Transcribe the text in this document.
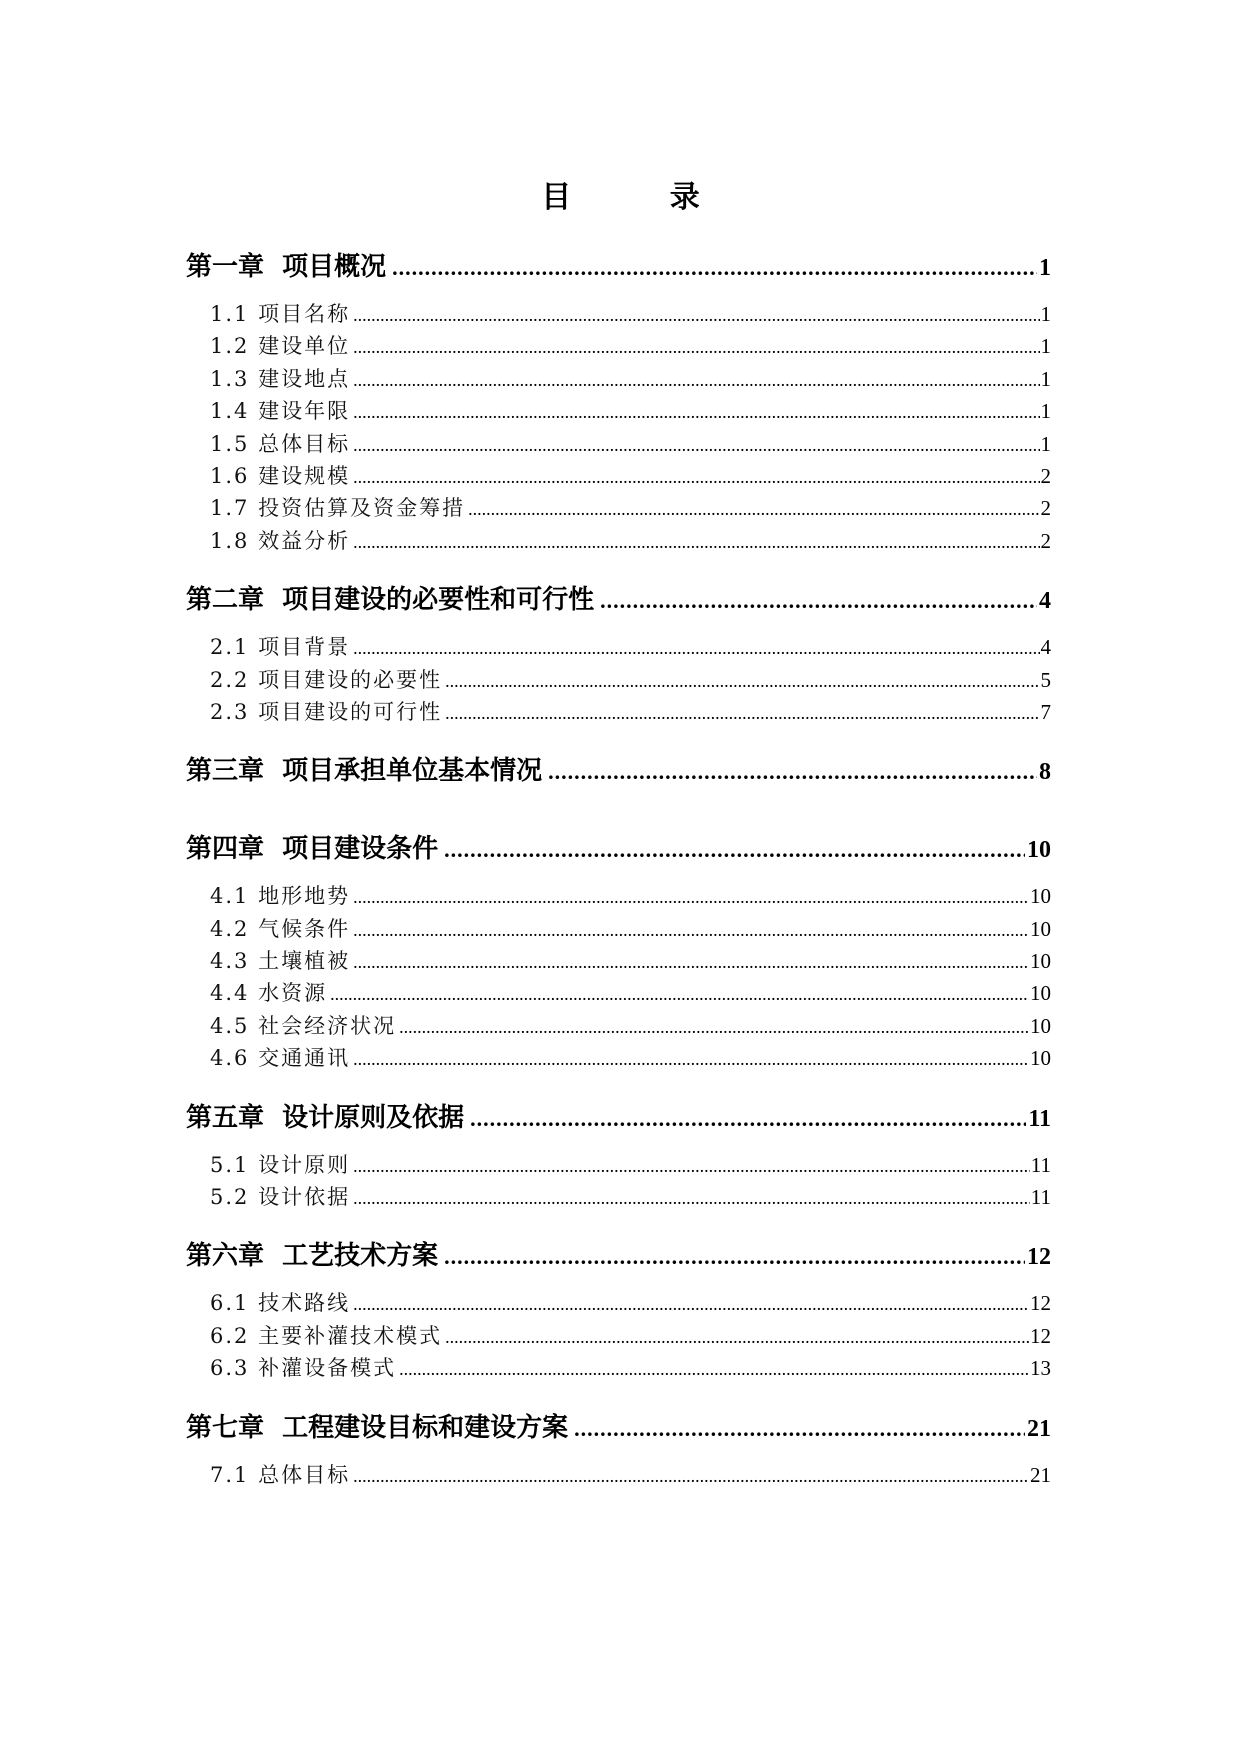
目 录
第一章  项目概况 .....	1
1.1 项目名称 .....	1
1.2 建设单位 .....	1
1.3 建设地点 .....	1
1.4 建设年限 .....	1
1.5 总体目标 .....	1
1.6 建设规模 .....	2
1.7 投资估算及资金筹措 .....	2
1.8 效益分析 .....	2
第二章  项目建设的必要性和可行性 .....	4
2.1 项目背景 .....	4
2.2 项目建设的必要性 .....	5
2.3 项目建设的可行性 .....	7
第三章  项目承担单位基本情况 .....	8
第四章  项目建设条件 .....	10
4.1 地形地势 .....	10
4.2 气候条件 .....	10
4.3 土壤植被 .....	10
4.4 水资源 .....	10
4.5 社会经济状况 .....	10
4.6 交通通讯 .....	10
第五章  设计原则及依据 .....	11
5.1 设计原则 .....	11
5.2 设计依据 .....	11
第六章  工艺技术方案 .....	12
6.1 技术路线 .....	12
6.2 主要补灌技术模式 .....	12
6.3 补灌设备模式 .....	13
第七章  工程建设目标和建设方案 .....	21
7.1 总体目标 .....	21
